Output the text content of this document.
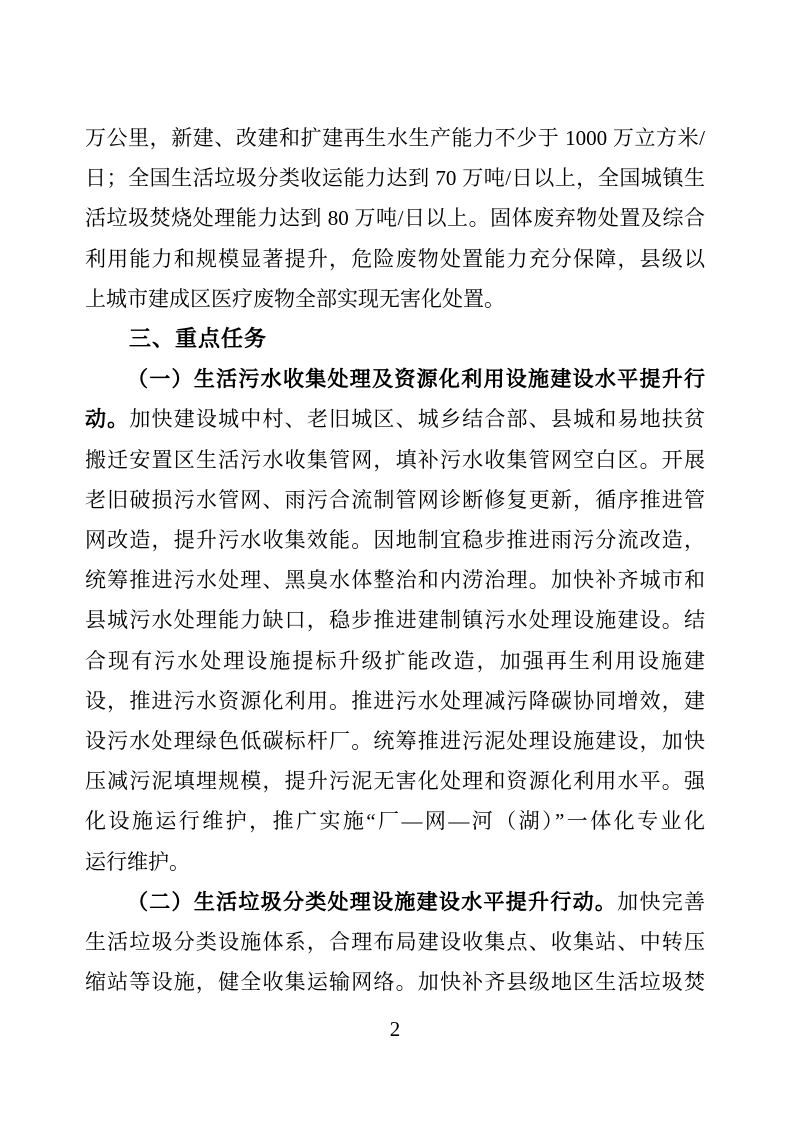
万公里，新建、改建和扩建再生水生产能力不少于 1000 万立方米/
日；全国生活垃圾分类收运能力达到 70 万吨/日以上，全国城镇生
活垃圾焚烧处理能力达到 80 万吨/日以上。固体废弃物处置及综合
利用能力和规模显著提升，危险废物处置能力充分保障，县级以
上城市建成区医疗废物全部实现无害化处置。
三、重点任务
（一）生活污水收集处理及资源化利用设施建设水平提升行
动。加快建设城中村、老旧城区、城乡结合部、县城和易地扶贫
搬迁安置区生活污水收集管网，填补污水收集管网空白区。开展
老旧破损污水管网、雨污合流制管网诊断修复更新，循序推进管
网改造，提升污水收集效能。因地制宜稳步推进雨污分流改造，
统筹推进污水处理、黑臭水体整治和内涝治理。加快补齐城市和
县城污水处理能力缺口，稳步推进建制镇污水处理设施建设。结
合现有污水处理设施提标升级扩能改造，加强再生利用设施建
设，推进污水资源化利用。推进污水处理减污降碳协同增效，建
设污水处理绿色低碳标杆厂。统筹推进污泥处理设施建设，加快
压减污泥填埋规模，提升污泥无害化处理和资源化利用水平。强
化设施运行维护，推广实施“厂—网—河（湖）”一体化专业化
运行维护。
（二）生活垃圾分类处理设施建设水平提升行动。加快完善
生活垃圾分类设施体系，合理布局建设收集点、收集站、中转压
缩站等设施，健全收集运输网络。加快补齐县级地区生活垃圾焚
2
